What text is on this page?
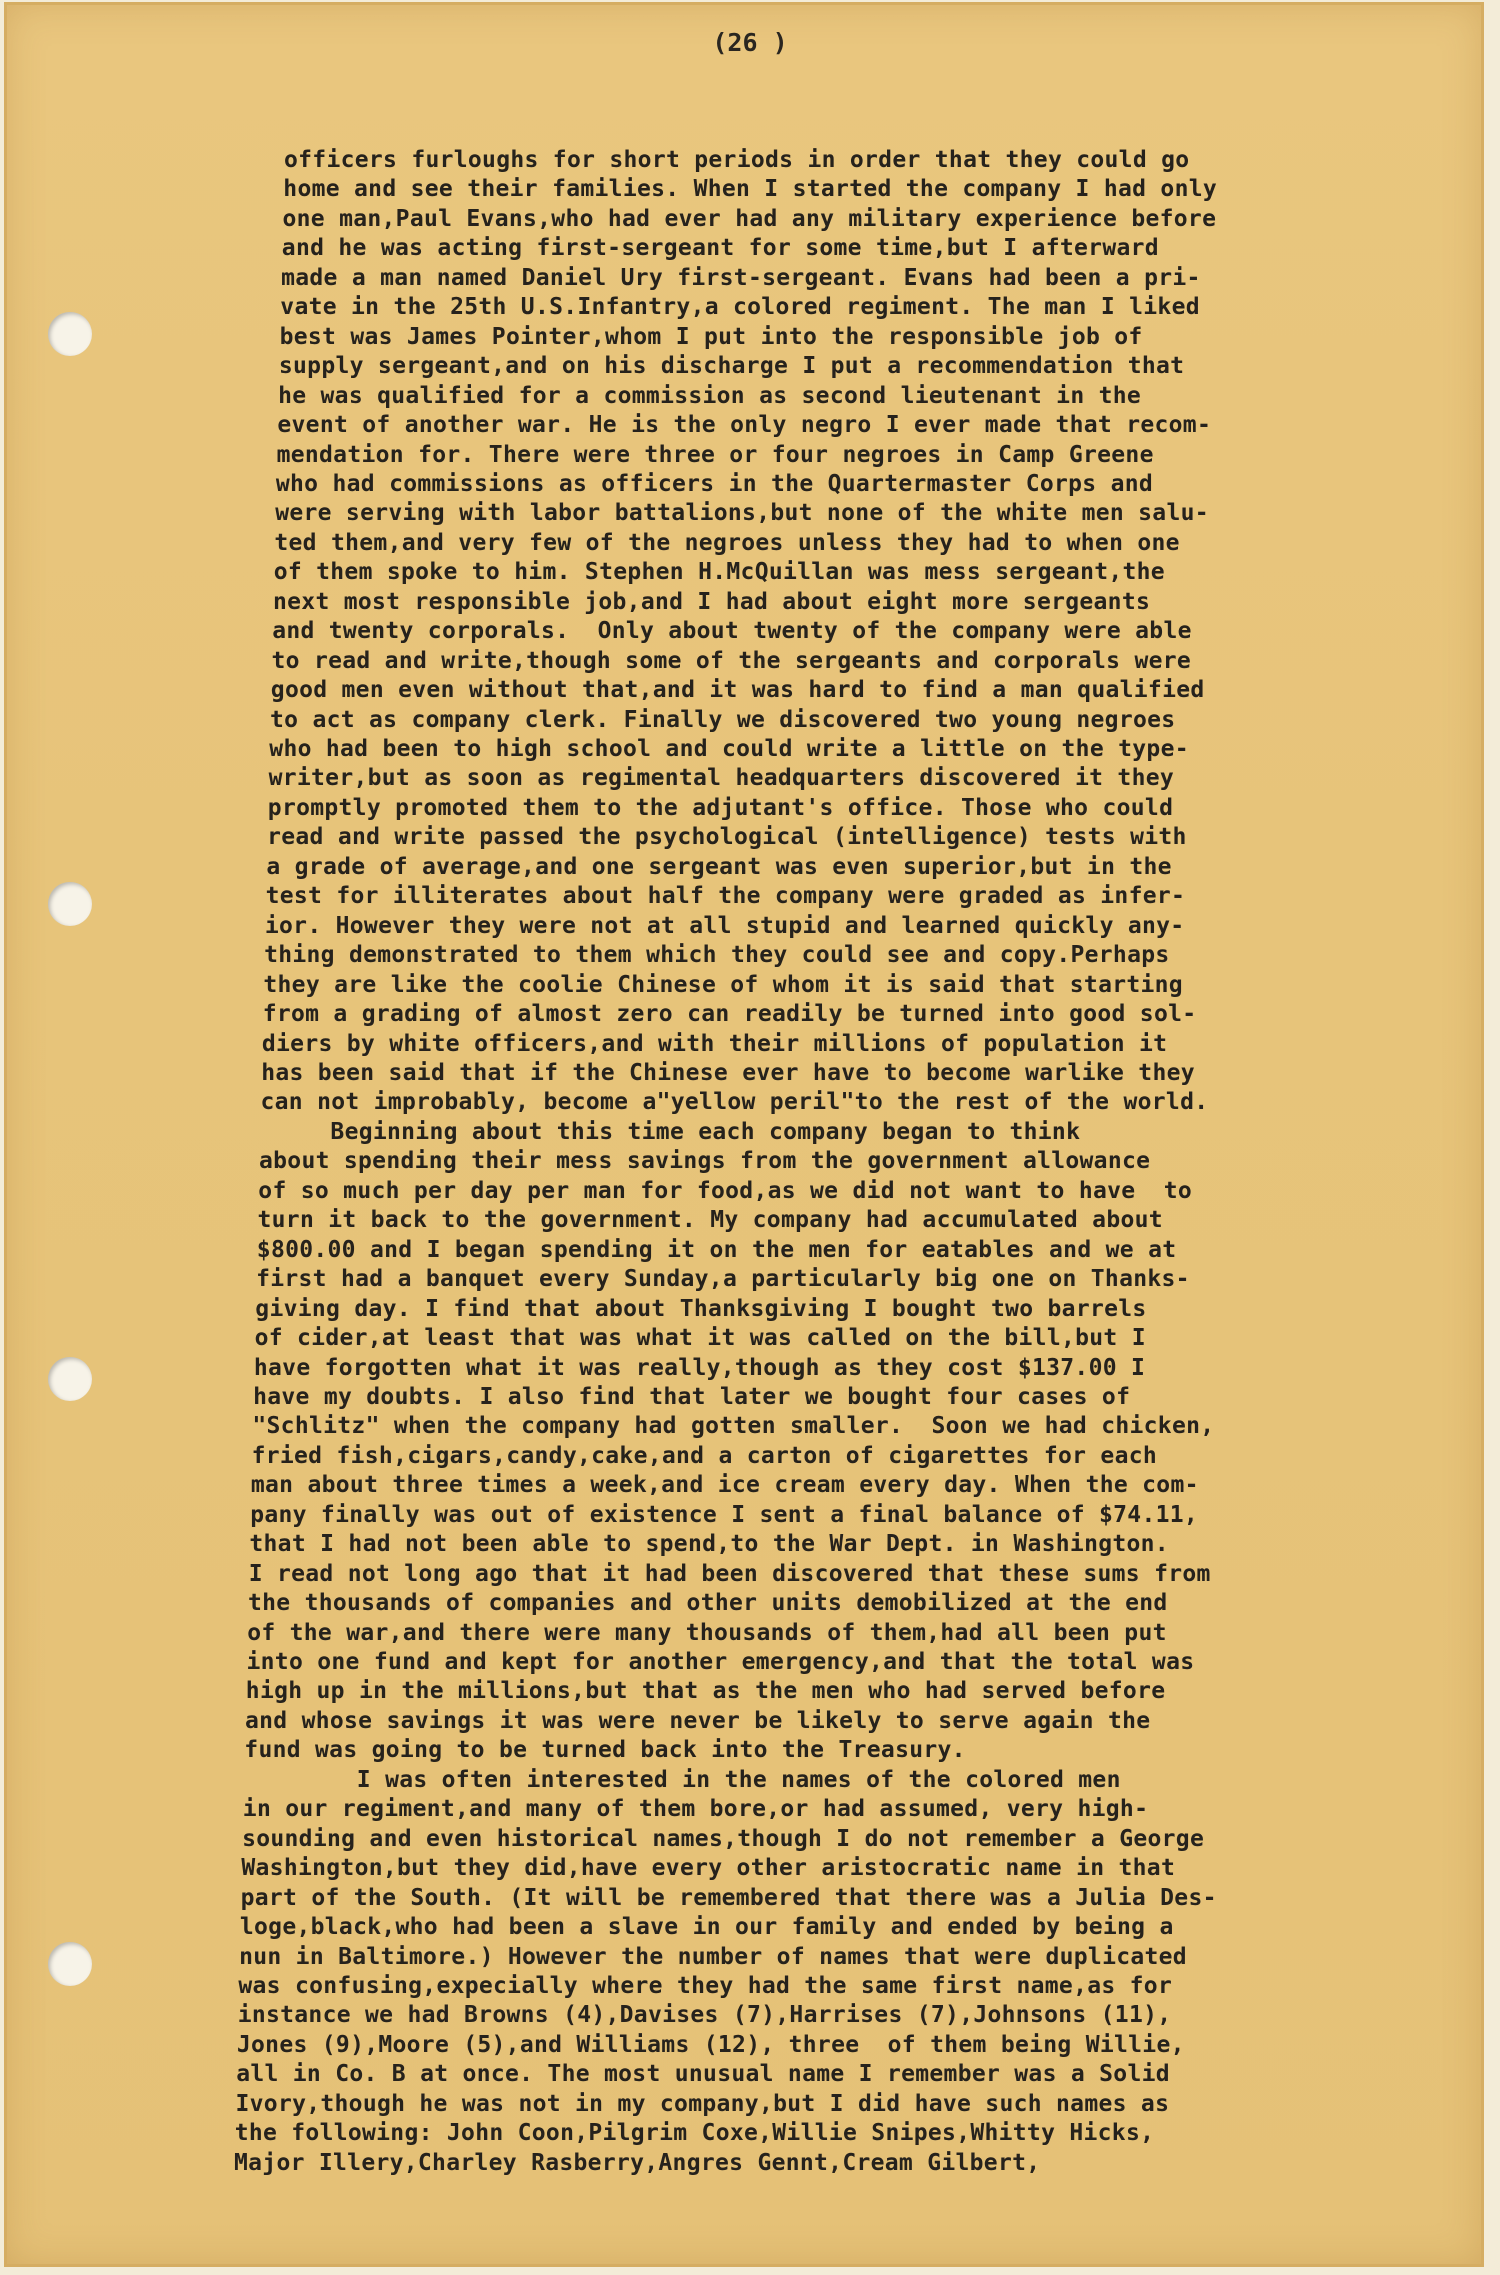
(26 )
officers furloughs for short periods in order that they could go
home and see their families. When I started the company I had only
one man,Paul Evans,who had ever had any military experience before
and he was acting first-sergeant for some time,but I afterward
made a man named Daniel Ury first-sergeant. Evans had been a pri-
vate in the 25th U.S.Infantry,a colored regiment. The man I liked
best was James Pointer,whom I put into the responsible job of
supply sergeant,and on his discharge I put a recommendation that
he was qualified for a commission as second lieutenant in the
event of another war. He is the only negro I ever made that recom-
mendation for. There were three or four negroes in Camp Greene
who had commissions as officers in the Quartermaster Corps and
were serving with labor battalions,but none of the white men salu-
ted them,and very few of the negroes unless they had to when one
of them spoke to him. Stephen H.McQuillan was mess sergeant,the
next most responsible job,and I had about eight more sergeants
and twenty corporals.  Only about twenty of the company were able
to read and write,though some of the sergeants and corporals were
good men even without that,and it was hard to find a man qualified
to act as company clerk. Finally we discovered two young negroes
who had been to high school and could write a little on the type-
writer,but as soon as regimental headquarters discovered it they
promptly promoted them to the adjutant's office. Those who could
read and write passed the psychological (intelligence) tests with
a grade of average,and one sergeant was even superior,but in the
test for illiterates about half the company were graded as infer-
ior. However they were not at all stupid and learned quickly any-
thing demonstrated to them which they could see and copy.Perhaps
they are like the coolie Chinese of whom it is said that starting
from a grading of almost zero can readily be turned into good sol-
diers by white officers,and with their millions of population it
has been said that if the Chinese ever have to become warlike they
can not improbably, become a"yellow peril"to the rest of the world.
Beginning about this time each company began to think
about spending their mess savings from the government allowance
of so much per day per man for food,as we did not want to have  to
turn it back to the government. My company had accumulated about
$800.00 and I began spending it on the men for eatables and we at
first had a banquet every Sunday,a particularly big one on Thanks-
giving day. I find that about Thanksgiving I bought two barrels
of cider,at least that was what it was called on the bill,but I
have forgotten what it was really,though as they cost $137.00 I
have my doubts. I also find that later we bought four cases of
"Schlitz" when the company had gotten smaller.  Soon we had chicken,
fried fish,cigars,candy,cake,and a carton of cigarettes for each
man about three times a week,and ice cream every day. When the com-
pany finally was out of existence I sent a final balance of $74.11,
that I had not been able to spend,to the War Dept. in Washington.
I read not long ago that it had been discovered that these sums from
the thousands of companies and other units demobilized at the end
of the war,and there were many thousands of them,had all been put
into one fund and kept for another emergency,and that the total was
high up in the millions,but that as the men who had served before
and whose savings it was were never be likely to serve again the
fund was going to be turned back into the Treasury.
I was often interested in the names of the colored men
in our regiment,and many of them bore,or had assumed, very high-
sounding and even historical names,though I do not remember a George
Washington,but they did,have every other aristocratic name in that
part of the South. (It will be remembered that there was a Julia Des-
loge,black,who had been a slave in our family and ended by being a
nun in Baltimore.) However the number of names that were duplicated
was confusing,expecially where they had the same first name,as for
instance we had Browns (4),Davises (7),Harrises (7),Johnsons (11),
Jones (9),Moore (5),and Williams (12), three  of them being Willie,
all in Co. B at once. The most unusual name I remember was a Solid
Ivory,though he was not in my company,but I did have such names as
the following: John Coon,Pilgrim Coxe,Willie Snipes,Whitty Hicks,
Major Illery,Charley Rasberry,Angres Gennt,Cream Gilbert,
